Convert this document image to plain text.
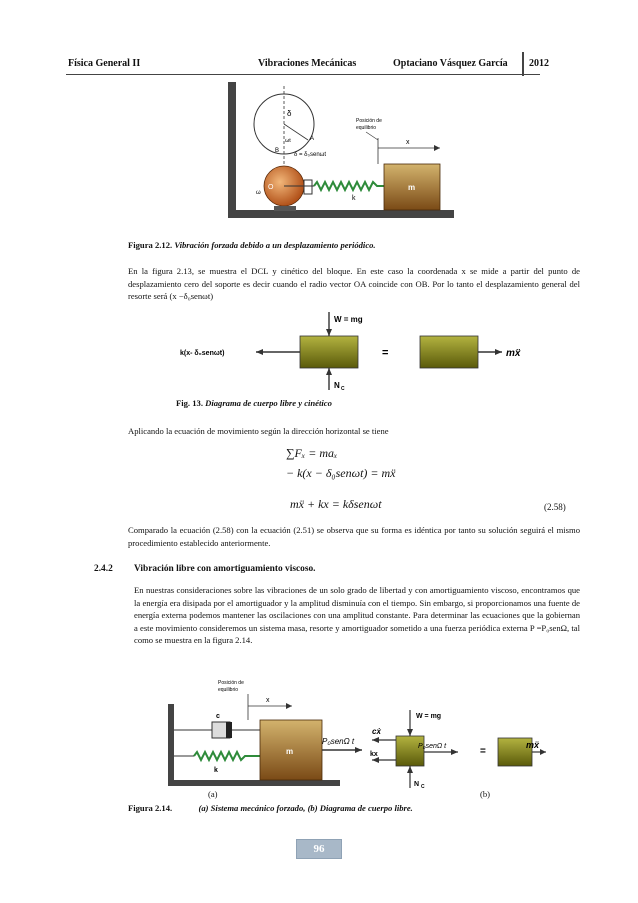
Física General II	Vibraciones Mecánicas	Optaciano Vásquez García 2012
δ
ωt	A
B
δ = δ₀senωt
O
ω
k
m
x
Posición de
equilibrio
Figura 2.12. Vibración forzada debido a un desplazamiento periódico.
En la figura 2.13, se muestra el DCL y cinético del bloque. En este caso la coordenada x se mide a partir del punto de desplazamiento cero del soporte es decir cuando el radio vector OA coincide con OB. Por lo tanto el desplazamiento general del resorte será (x −δ₀senωt)
W = mg
k(x- δ₀senωt)
N C
=	mẍ
Fig. 13. Diagrama de cuerpo libre y cinético
Aplicando la ecuación de movimiento según la dirección horizontal se tiene
∑Fₓ = maₓ
− k(x − δ₀senωt) = mẍ
mẍ + kx = kδsenωt	(2.58)
Comparado la ecuación (2.58) con la ecuación (2.51) se observa que su forma es idéntica por tanto su solución seguirá el mismo procedimiento establecido anteriormente.
2.4.2 Vibración libre con amortiguamiento viscoso.
En nuestras consideraciones sobre las vibraciones de un solo grado de libertad y con amortiguamiento viscoso, encontramos que la energía era disipada por el amortiguador y la amplitud disminuía con el tiempo. Sin embargo, si proporcionamos una fuente de energía externa podemos mantener las oscilaciones con una amplitud constante. Para determinar las ecuaciones que la gobiernan a este movimiento consideremos un sistema masa, resorte y amortiguador sometido a una fuerza periódica externa P =P₀senΩ, tal como se muestra en la figura 2.14.
c
k
m
P₀senΩ t
x
Posición de
equilibrio
W = mg
cẋ
kx
N C
P₀senΩ t	=
mẍ
(a)	(b)
Figura 2.14.	(a) Sistema mecánico forzado, (b) Diagrama de cuerpo libre.
96
